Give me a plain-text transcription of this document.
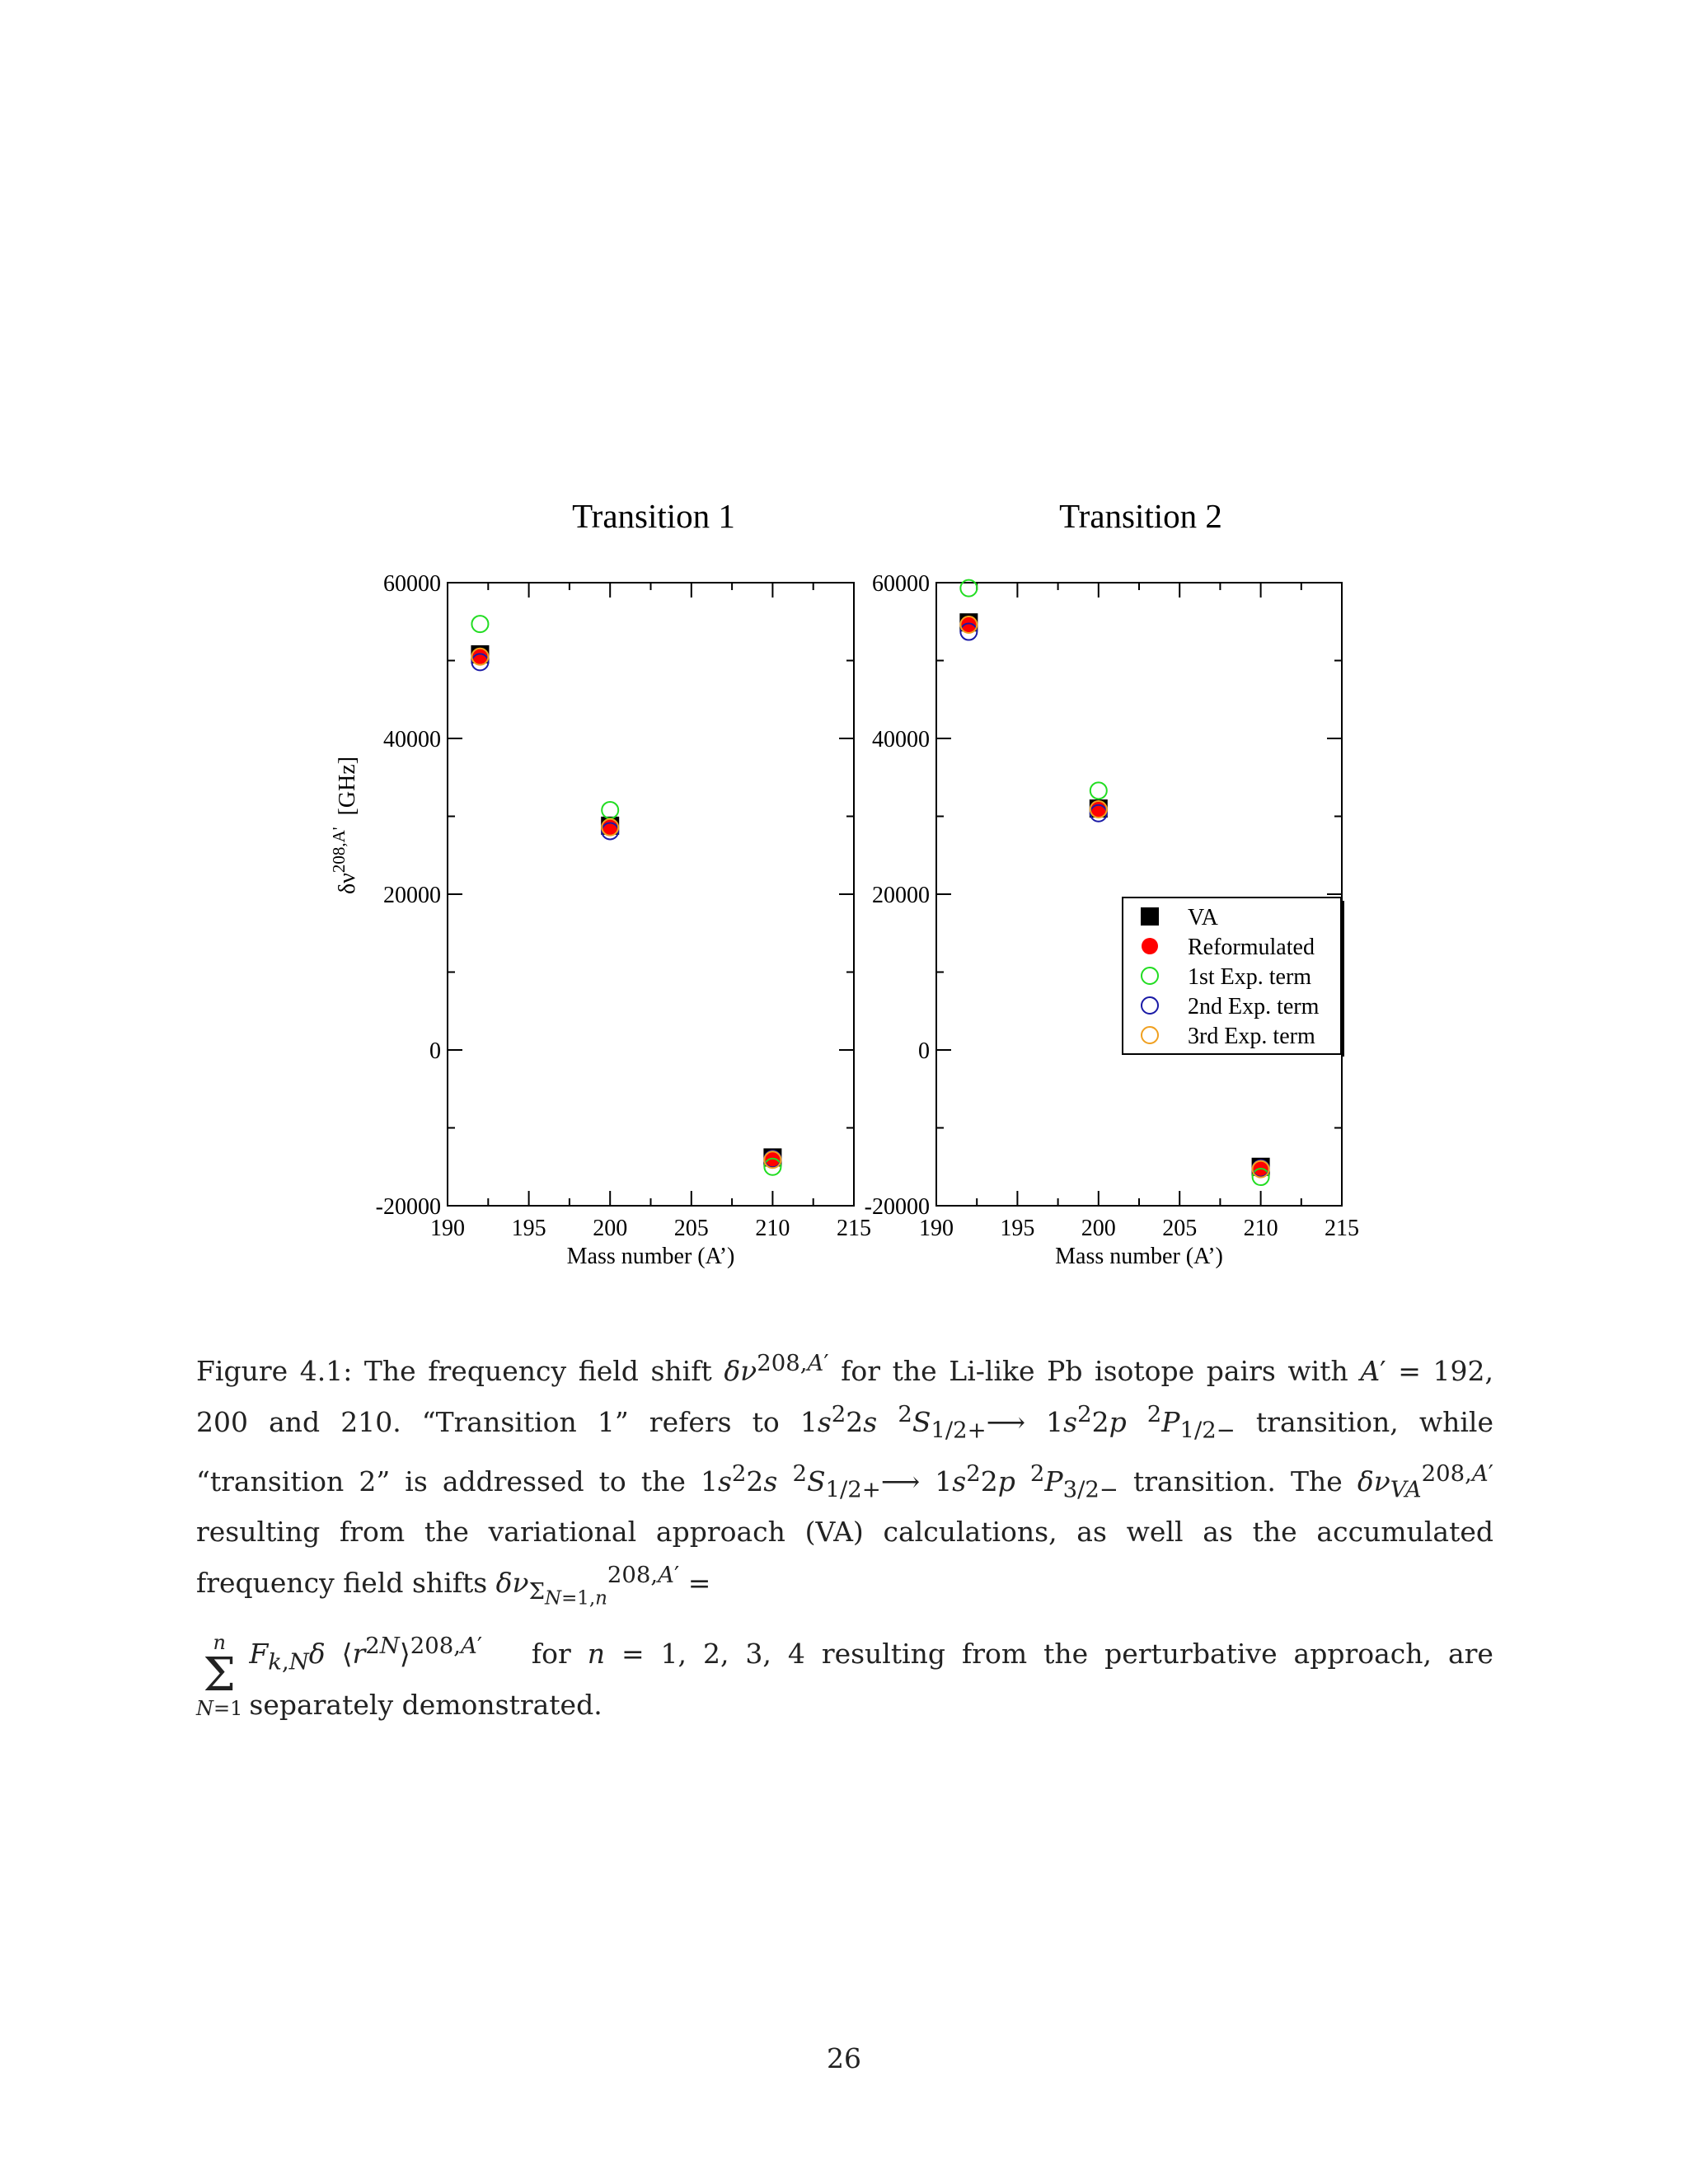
Transition 1	Transition 2
$\delta\nu^{208,A'}[GHz]$
190 195 200 205 210 215
-20000
0
20000
40000
60000
Mass number (A’)
190 195 200 205 210 215
-20000
0
20000
40000
60000
Mass number (A’)
VA
Reformulated
1st Exp. term
2nd Exp. term
3rd Exp. term
Figure 4.1: The frequency field shift $\delta\nu^{208,A'}$ for the Li-like Pb isotope pairs with A′ = 192, 200 and 210. “Transition 1” refers to $1s^22s$ $^2S_{1/2+}⟶$ $1s^22p$ $^2P_{1/2-}$ transition, while “transition 2” is addressed to the $1s^22s$ $^2S_{1/2+}⟶$ $1s^22p$ $^2P_{3/2-}$ transition. The $\delta\nu_{VA}^{208,A'}$ resulting from the variational approach (VA) calculations, as well as the accumulated frequency field shifts $\delta\nu_{\Sigma_{N=1,n}}^{208,A'}$ =
n
Σ
N=1
$F_{k,N}\delta$ $⟨r^{2N}⟩^{208,A'}$ for n = 1, 2, 3, 4 resulting from the perturbative approach, are separately demonstrated.
26
